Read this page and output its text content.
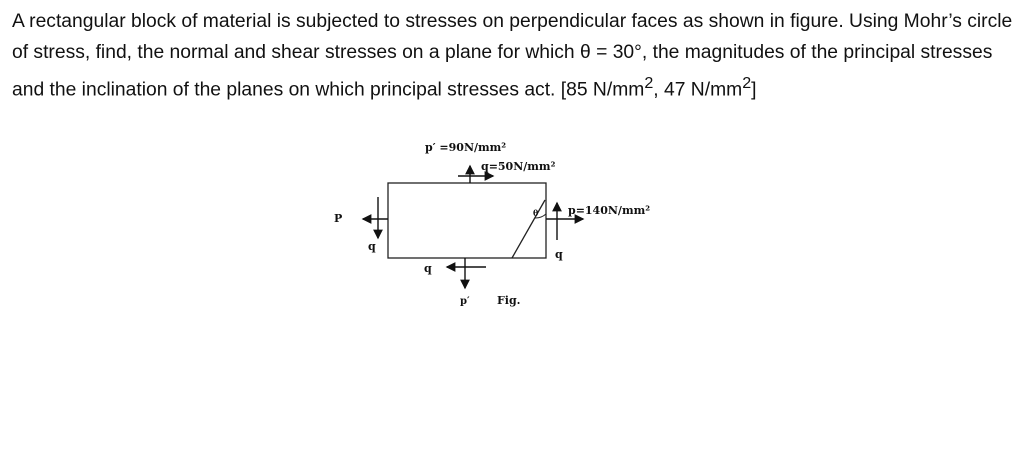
A rectangular block of material is subjected to stresses on perpendicular faces as shown in figure. Using Mohr’s circle of stress, find, the normal and shear stresses on a plane for which θ = 30°, the magnitudes of the principal stresses and the inclination of the planes on which principal stresses act. [85 $N/mm^2$, 47 $N/mm^2$]

p′ =90N/mm²
q=50N/mm²
p=140N/mm²
P
q
q
q
θ
p′ Fig.
